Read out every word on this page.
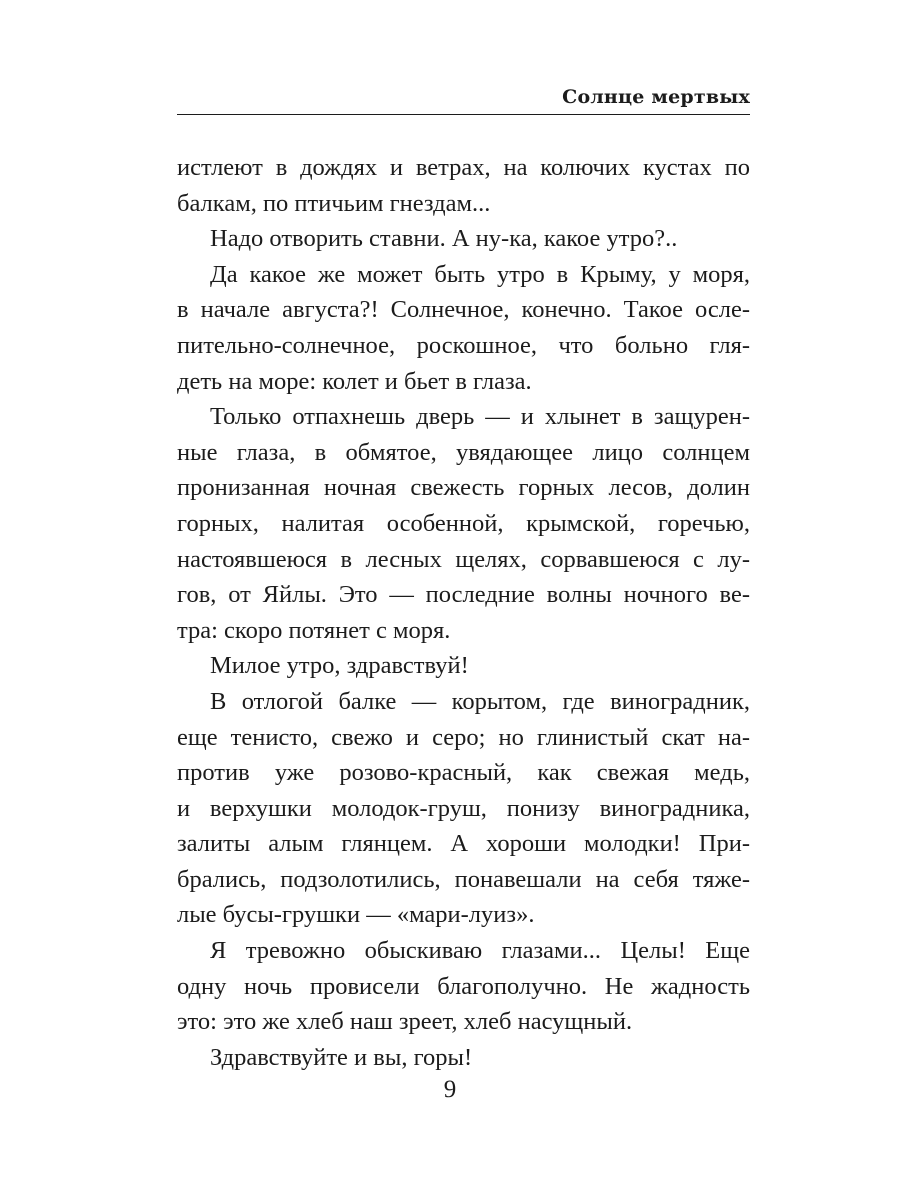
Солнце мертвых
истлеют в дождях и ветрах, на колючих кустах по
балкам, по птичьим гнездам...
Надо отворить ставни. А ну-ка, какое утро?..
Да какое же может быть утро в Крыму, у моря,
в начале августа?! Солнечное, конечно. Такое осле-
пительно-солнечное, роскошное, что больно гля-
деть на море: колет и бьет в глаза.
Только отпахнешь дверь — и хлынет в защурен-
ные глаза, в обмятое, увядающее лицо солнцем
пронизанная ночная свежесть горных лесов, долин
горных, налитая особенной, крымской, горечью,
настоявшеюся в лесных щелях, сорвавшеюся с лу-
гов, от Яйлы. Это — последние волны ночного ве-
тра: скоро потянет с моря.
Милое утро, здравствуй!
В отлогой балке — корытом, где виноградник,
еще тенисто, свежо и серо; но глинистый скат на-
против уже розово-красный, как свежая медь,
и верхушки молодок-груш, понизу виноградника,
залиты алым глянцем. А хороши молодки! При-
брались, подзолотились, понавешали на себя тяже-
лые бусы-грушки — «мари-луиз».
Я тревожно обыскиваю глазами... Целы! Еще
одну ночь провисели благополучно. Не жадность
это: это же хлеб наш зреет, хлеб насущный.
Здравствуйте и вы, горы!
9
